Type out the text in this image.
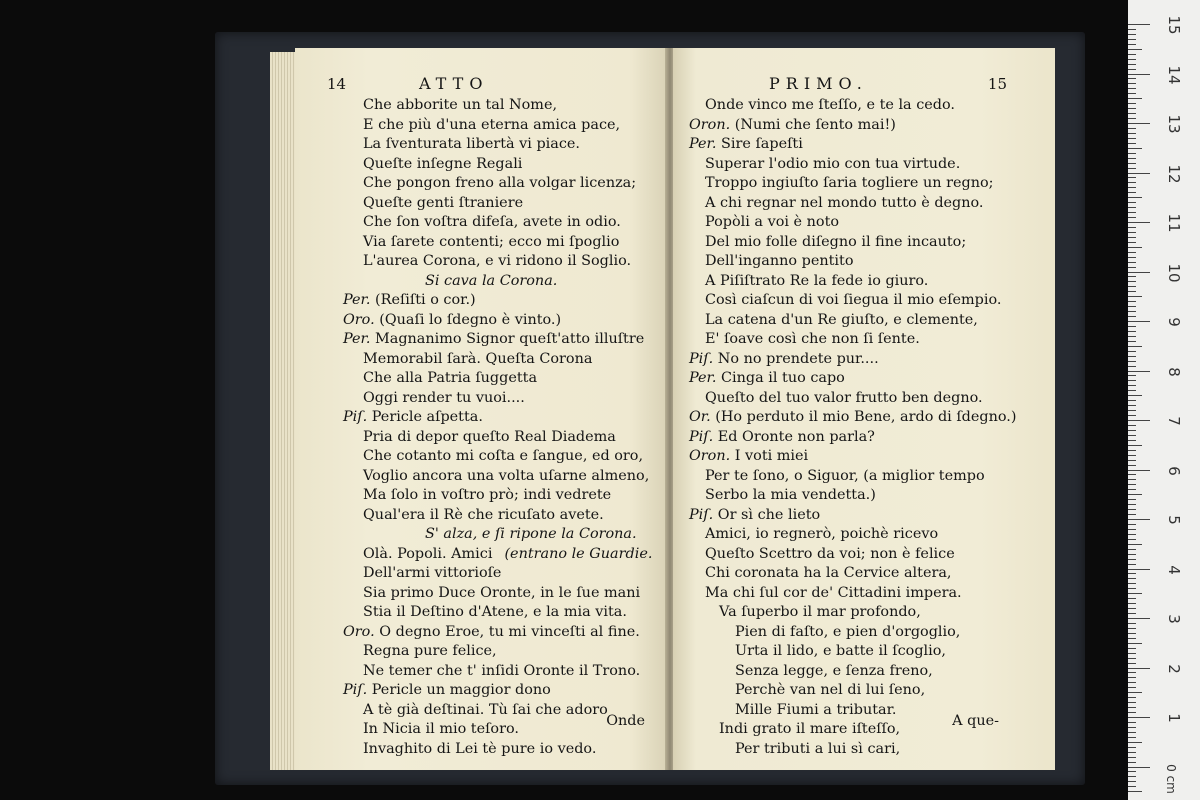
14	ATTO
Che abborite un tal Nome,
E che più d'una eterna amica pace,
La ſventurata libertà vi piace.
Queſte inſegne Regali
Che pongon freno alla volgar licenza;
Queſte genti ſtraniere
Che ſon voſtra difeſa, avete in odio.
Via ſarete contenti; ecco mi ſpoglio
L'aurea Corona, e vi ridono il Soglio.
Si cava la Corona.
Per. (Reſiſti o cor.)
Oro. (Quaſi lo ſdegno è vinto.)
Per. Magnanimo Signor queſt'atto illuſtre
Memorabil ſarà. Queſta Corona
Che alla Patria ſuggetta
Oggi render tu vuoi....
Piſ. Pericle aſpetta.
Pria di depor queſto Real Diadema
Che cotanto mi coſta e ſangue, ed oro,
Voglio ancora una volta uſarne almeno,
Ma ſolo in voſtro prò; indi vedrete
Qual'era il Rè che ricuſato avete.
S' alza, e ſi ripone la Corona.
Olà. Popoli. Amici (entrano le Guardie.
Dell'armi vittorioſe
Sia primo Duce Oronte, in le ſue mani
Stia il Deſtino d'Atene, e la mia vita.
Oro. O degno Eroe, tu mi vinceſti al fine.
Regna pure felice,
Ne temer che t' inſidi Oronte il Trono.
Piſ. Pericle un maggior dono
A tè già deſtinai. Tù ſai che adoro
In Nicia il mio teſoro.
Invaghito di Lei tè pure io vedo.
Onde
PRIMO.	15
Onde vinco me ſteſſo, e te la cedo.
Oron. (Numi che ſento mai!)
Per. Sire ſapeſti
Superar l'odio mio con tua virtude.
Troppo ingiuſto ſaria togliere un regno;
A chi regnar nel mondo tutto è degno.
Popòli a voi è noto
Del mio folle diſegno il fine incauto;
Dell'inganno pentito
A Piſiſtrato Re la fede io giuro.
Così ciaſcun di voi ſiegua il mio eſempio.
La catena d'un Re giuſto, e clemente,
E' ſoave così che non ſi ſente.
Piſ. No no prendete pur....
Per. Cinga il tuo capo
Queſto del tuo valor frutto ben degno.
Or. (Ho perduto il mio Bene, ardo di ſdegno.)
Piſ. Ed Oronte non parla?
Oron. I voti miei
Per te ſono, o Siguor, (a miglior tempo
Serbo la mia vendetta.)
Piſ. Or sì che lieto
Amici, io regnerò, poichè ricevo
Queſto Scettro da voi; non è felice
Chi coronata ha la Cervice altera,
Ma chi ſul cor de' Cittadini impera.
Va ſuperbo il mar profondo,
Pien di faſto, e pien d'orgoglio,
Urta il lido, e batte il ſcoglio,
Senza legge, e ſenza freno,
Perchè van nel di lui ſeno,
Mille Fiumi a tributar.
Indi grato il mare iſteſſo,
Per tributi a lui sì cari,
A que-
0 cm
15
14
13
12
11
10
9
8
7
6
5
4
3
2
1
